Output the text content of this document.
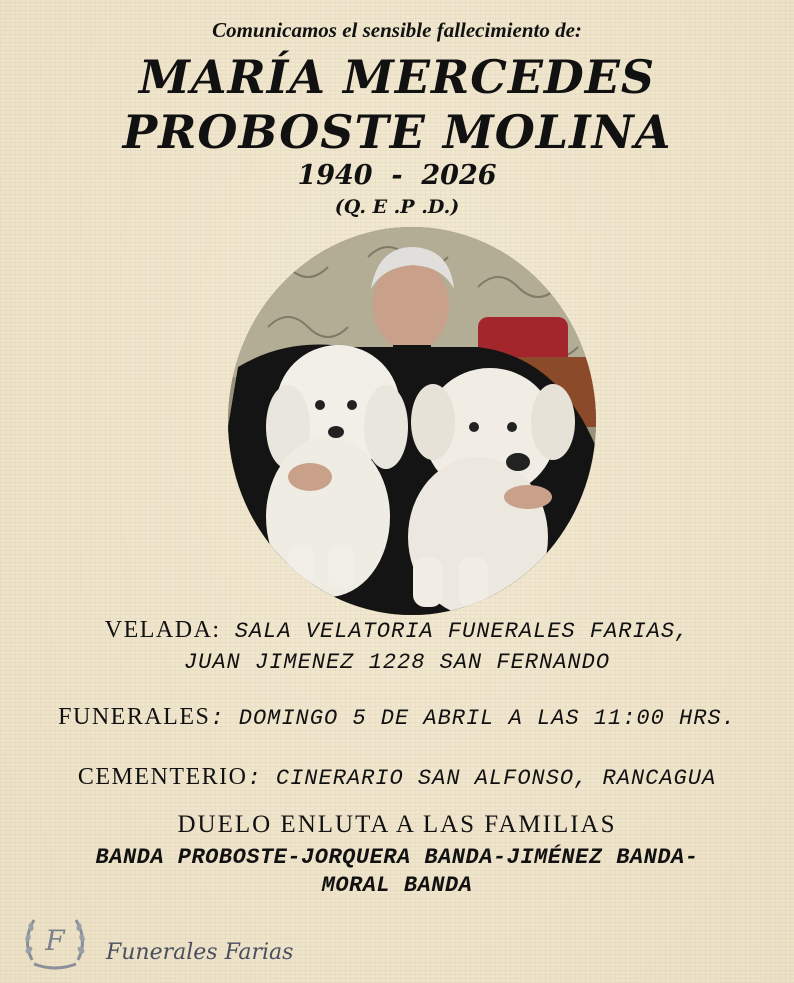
Comunicamos el sensible fallecimiento de:
MARÍA MERCEDES
PROBOSTE MOLINA
1940  -  2026
(Q. E .P .D.)
VELADA: SALA VELATORIA FUNERALES FARIAS,
JUAN JIMENEZ 1228 SAN FERNANDO
FUNERALES: DOMINGO 5 DE ABRIL A LAS 11:00 HRS.
CEMENTERIO: CINERARIO SAN ALFONSO, RANCAGUA
DUELO ENLUTA A LAS FAMILIAS
BANDA PROBOSTE-JORQUERA BANDA-JIMÉNEZ BANDA-
MORAL BANDA
F Funerales Farias
